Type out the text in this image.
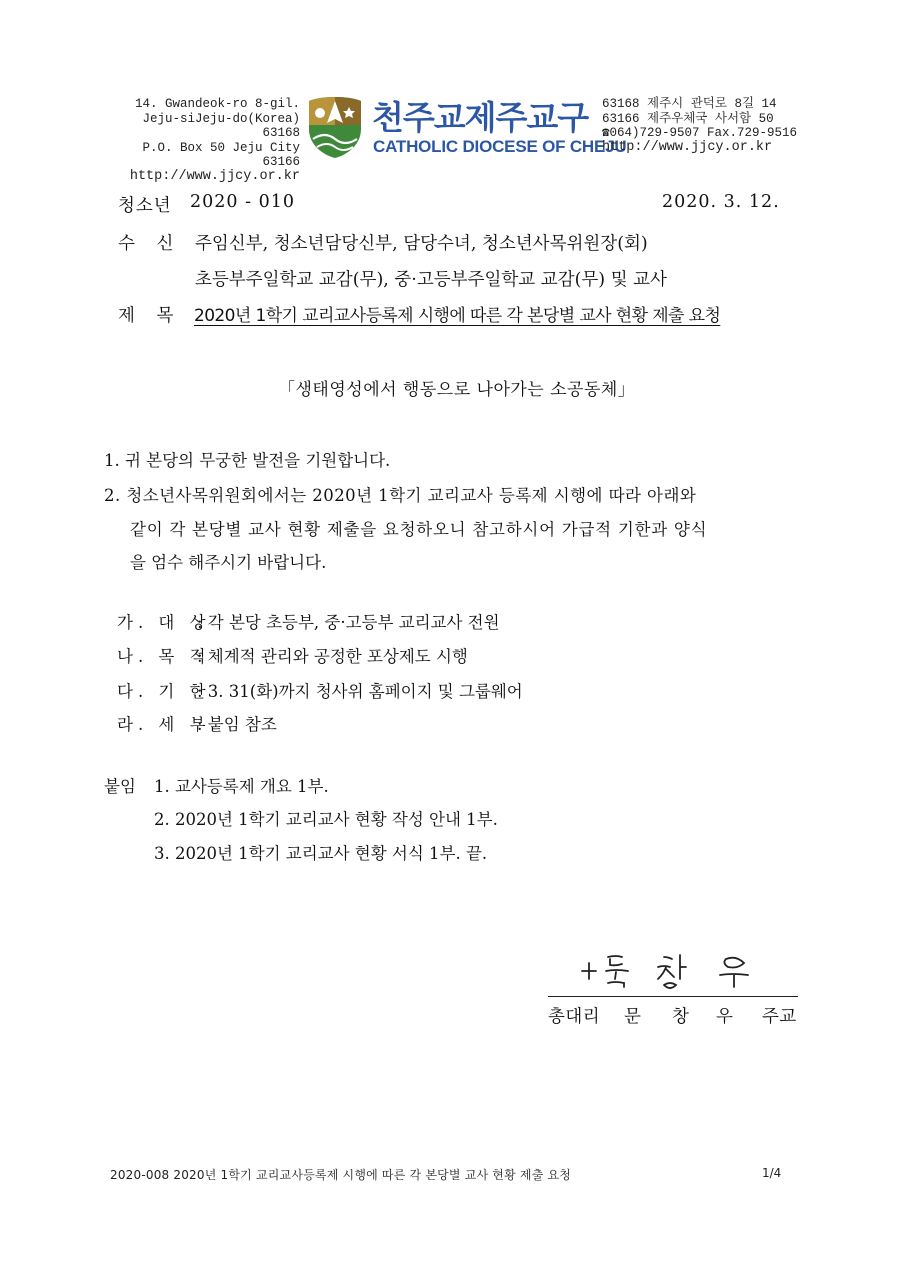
14. Gwandeok-ro 8-gil.
Jeju-siJeju-do(Korea) 63168
P.O. Box 50 Jeju City 63166
http://www.jjcy.or.kr
천주교제주교구
CATHOLIC DIOCESE OF CHEJU
63168 제주시 관덕로 8길 14
63166 제주우체국 사서함 50
☎064)729-9507 Fax.729-9516
http://www.jjcy.or.kr
청소년 2020 - 010	2020. 3. 12.
수 신 주임신부, 청소년담당신부, 담당수녀, 청소년사목위원장(회)
초등부주일학교 교감(무), 중·고등부주일학교 교감(무) 및 교사
제 목 2020년 1학기 교리교사등록제 시행에 따른 각 본당별 교사 현황 제출 요청
「생태영성에서 행동으로 나아가는 소공동체」
1. 귀 본당의 무궁한 발전을 기원합니다.
2. 청소년사목위원회에서는 2020년 1학기 교리교사 등록제 시행에 따라 아래와
같이 각 본당별 교사 현황 제출을 요청하오니 참고하시어 가급적 기한과 양식
을 엄수 해주시기 바랍니다.
가. 대 상: 각 본당 초등부, 중·고등부 교리교사 전원
나. 목 적: 체계적 관리와 공정한 포상제도 시행
다. 기 한: 3. 31(화)까지 청사위 홈페이지 및 그룹웨어
라. 세 부: 붙임 참조
붙임 1. 교사등록제 개요 1부.
2. 2020년 1학기 교리교사 현황 작성 안내 1부.
3. 2020년 1학기 교리교사 현황 서식 1부. 끝.
총대리 문 창 우 주교
2020-008 2020년 1학기 교리교사등록제 시행에 따른 각 본당별 교사 현황 제출 요청	1/4
